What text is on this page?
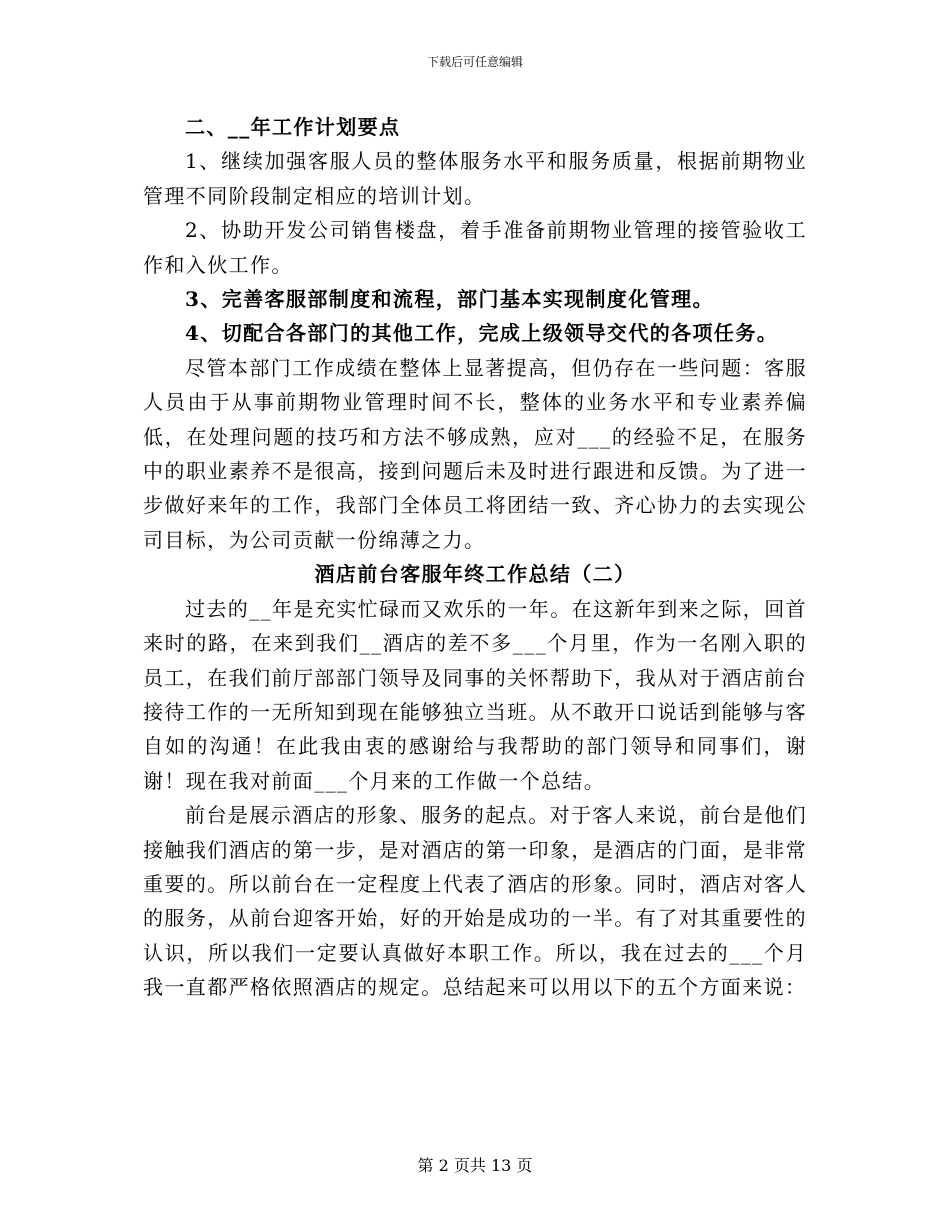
下载后可任意编辑

二、__年工作计划要点

1、继续加强客服人员的整体服务水平和服务质量，根据前期物业管理不同阶段制定相应的培训计划。

2、协助开发公司销售楼盘，着手准备前期物业管理的接管验收工作和入伙工作。

3、完善客服部制度和流程，部门基本实现制度化管理。

4、切配合各部门的其他工作，完成上级领导交代的各项任务。

尽管本部门工作成绩在整体上显著提高，但仍存在一些问题：客服人员由于从事前期物业管理时间不长，整体的业务水平和专业素养偏低，在处理问题的技巧和方法不够成熟，应对___的经验不足，在服务中的职业素养不是很高，接到问题后未及时进行跟进和反馈。为了进一步做好来年的工作，我部门全体员工将团结一致、齐心协力的去实现公司目标，为公司贡献一份绵薄之力。

酒店前台客服年终工作总结（二）

过去的__年是充实忙碌而又欢乐的一年。在这新年到来之际，回首来时的路，在来到我们__酒店的差不多___个月里，作为一名刚入职的员工，在我们前厅部部门领导及同事的关怀帮助下，我从对于酒店前台接待工作的一无所知到现在能够独立当班。从不敢开口说话到能够与客自如的沟通！在此我由衷的感谢给与我帮助的部门领导和同事们，谢谢！现在我对前面___个月来的工作做一个总结。

前台是展示酒店的形象、服务的起点。对于客人来说，前台是他们接触我们酒店的第一步，是对酒店的第一印象，是酒店的门面，是非常重要的。所以前台在一定程度上代表了酒店的形象。同时，酒店对客人的服务，从前台迎客开始，好的开始是成功的一半。有了对其重要性的认识，所以我们一定要认真做好本职工作。所以，我在过去的___个月我一直都严格依照酒店的规定。总结起来可以用以下的五个方面来说：

第 2 页共 13 页
